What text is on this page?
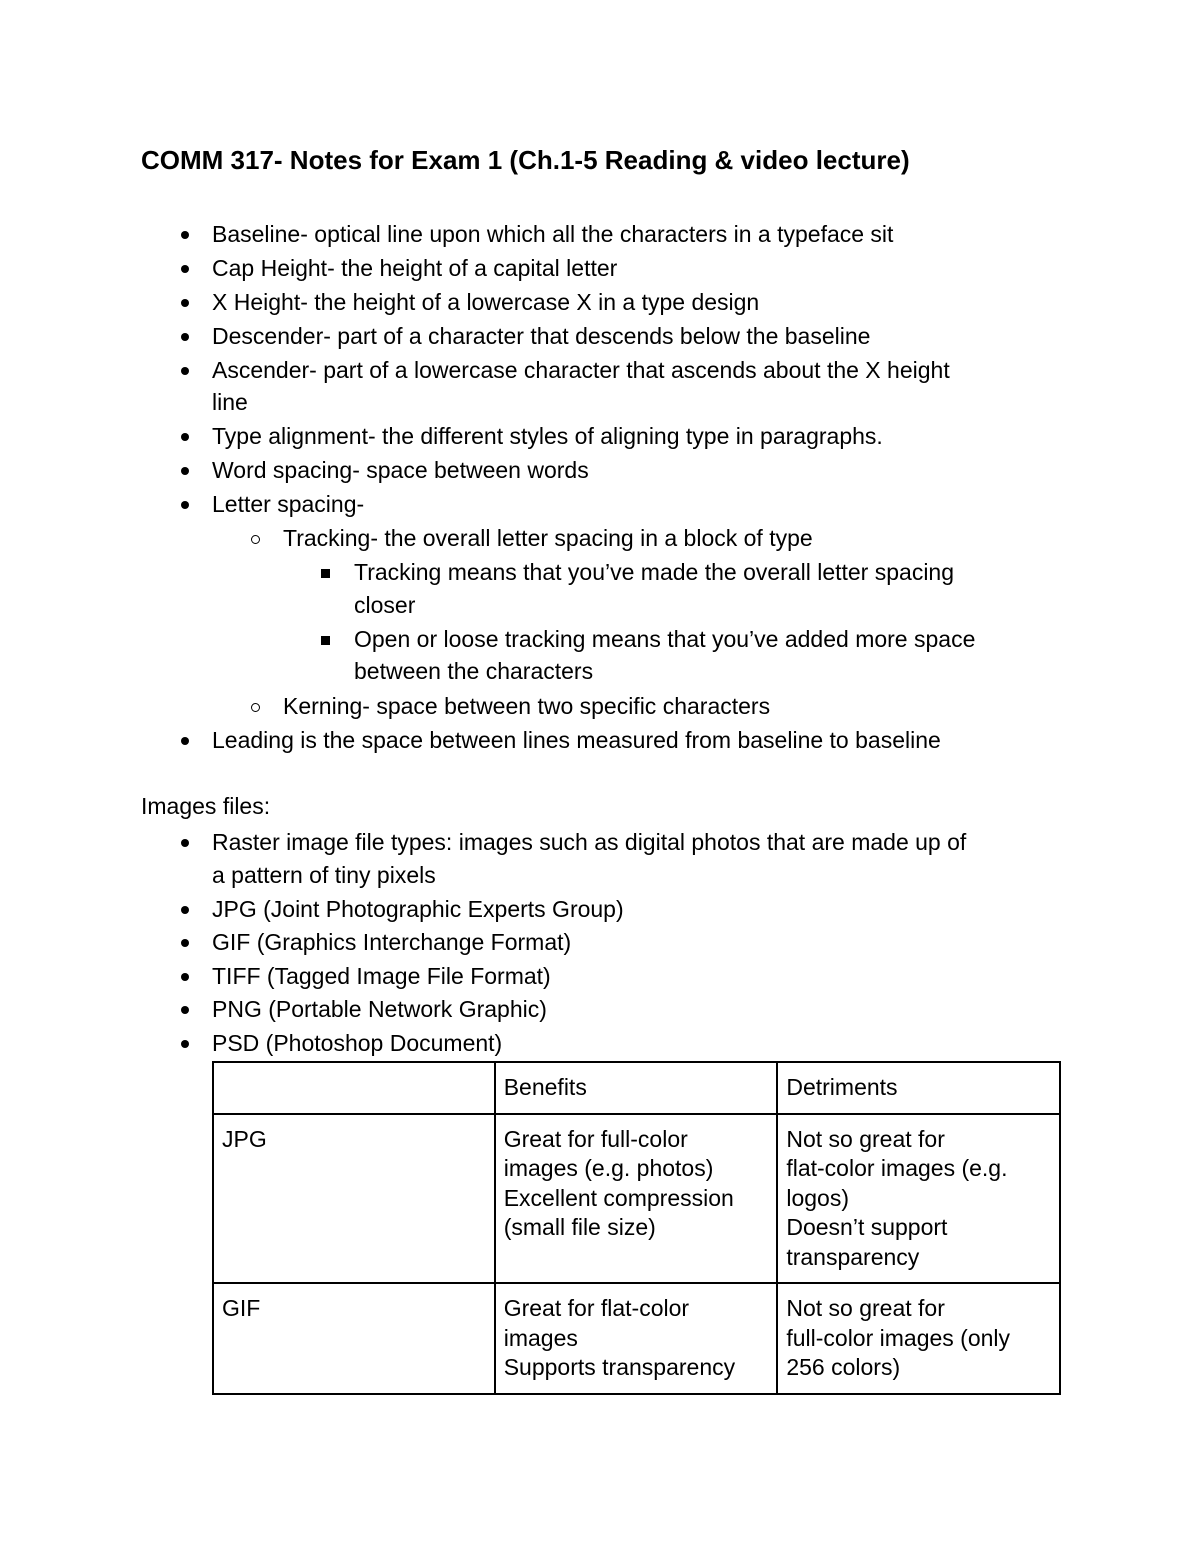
COMM 317- Notes for Exam 1 (Ch.1-5 Reading & video lecture)
Baseline- optical line upon which all the characters in a typeface sit
Cap Height- the height of a capital letter
X Height- the height of a lowercase X in a type design
Descender- part of a character that descends below the baseline
Ascender- part of a lowercase character that ascends about the X height
line
Type alignment- the different styles of aligning type in paragraphs.
Word spacing- space between words
Letter spacing-
Tracking- the overall letter spacing in a block of type
Tracking means that you’ve made the overall letter spacing
closer
Open or loose tracking means that you’ve added more space
between the characters
Kerning- space between two specific characters
Leading is the space between lines measured from baseline to baseline
Images files:
Raster image file types: images such as digital photos that are made up of
a pattern of tiny pixels
JPG (Joint Photographic Experts Group)
GIF (Graphics Interchange Format)
TIFF (Tagged Image File Format)
PNG (Portable Network Graphic)
PSD (Photoshop Document)
	Benefits	Detriments
JPG	Great for full-color
images (e.g. photos)
Excellent compression
(small file size)	Not so great for
flat-color images (e.g.
logos)
Doesn’t support
transparency

GIF	Great for flat-color
images
Supports transparency	Not so great for
full-color images (only
256 colors)
